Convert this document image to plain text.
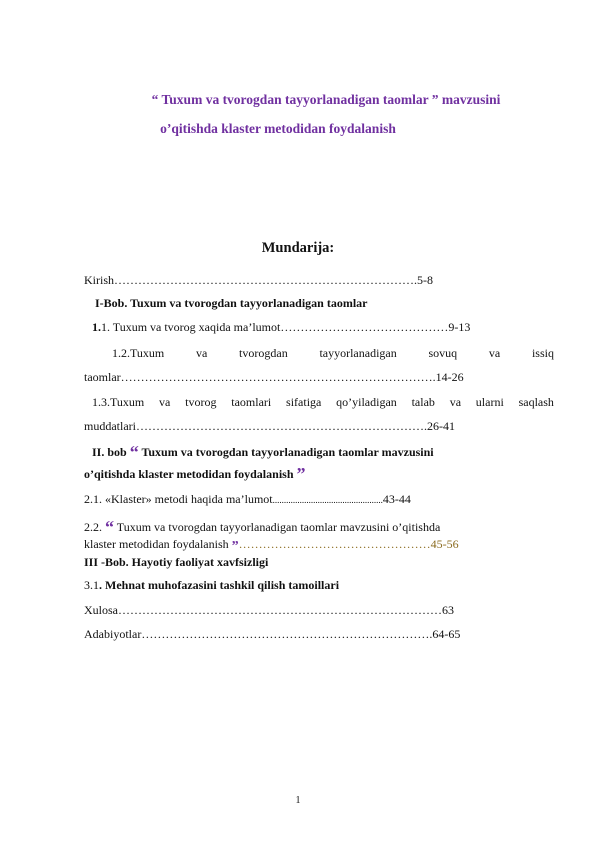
“ Tuxum va tvorogdan tayyorlanadigan taomlar ” mavzusini
o’qitishda klaster metodidan foydalanish
Mundarija:
Kirish………………………………………………………………….5-8
I-Bob. Tuxum va tvorogdan tayyorlanadigan taomlar
1.1. Tuxum va tvorog xaqida ma’lumot……………………………………9-13
1.2.Tuxum	va	tvorogdan	tayyorlanadigan	sovuq	va	issiq
taomlar…………………………………………………………………….14-26
1.3.Tuxum va tvorog taomlari sifatiga qo’yiladigan talab va ularni saqlash
muddatlari……………………………………………………………….26-41
II. bob “ Tuxum va tvorogdan tayyorlanadigan taomlar mavzusini
o’qitishda klaster metodidan foydalanish ”
2.1. «Klaster» metodi haqida ma’lumot.................................................43-44
2.2. “ Tuxum va tvorogdan tayyorlanadigan taomlar mavzusini o’qitishda
klaster metodidan foydalanish ”…………………………………………45-56
III -Bob. Hayotiy faoliyat xavfsizligi
3.1. Mehnat muhofazasini tashkil qilish tamoillari
Xulosa………………………………………………………………………63
Adabiyotlar……………………………………………………………….64-65
1
